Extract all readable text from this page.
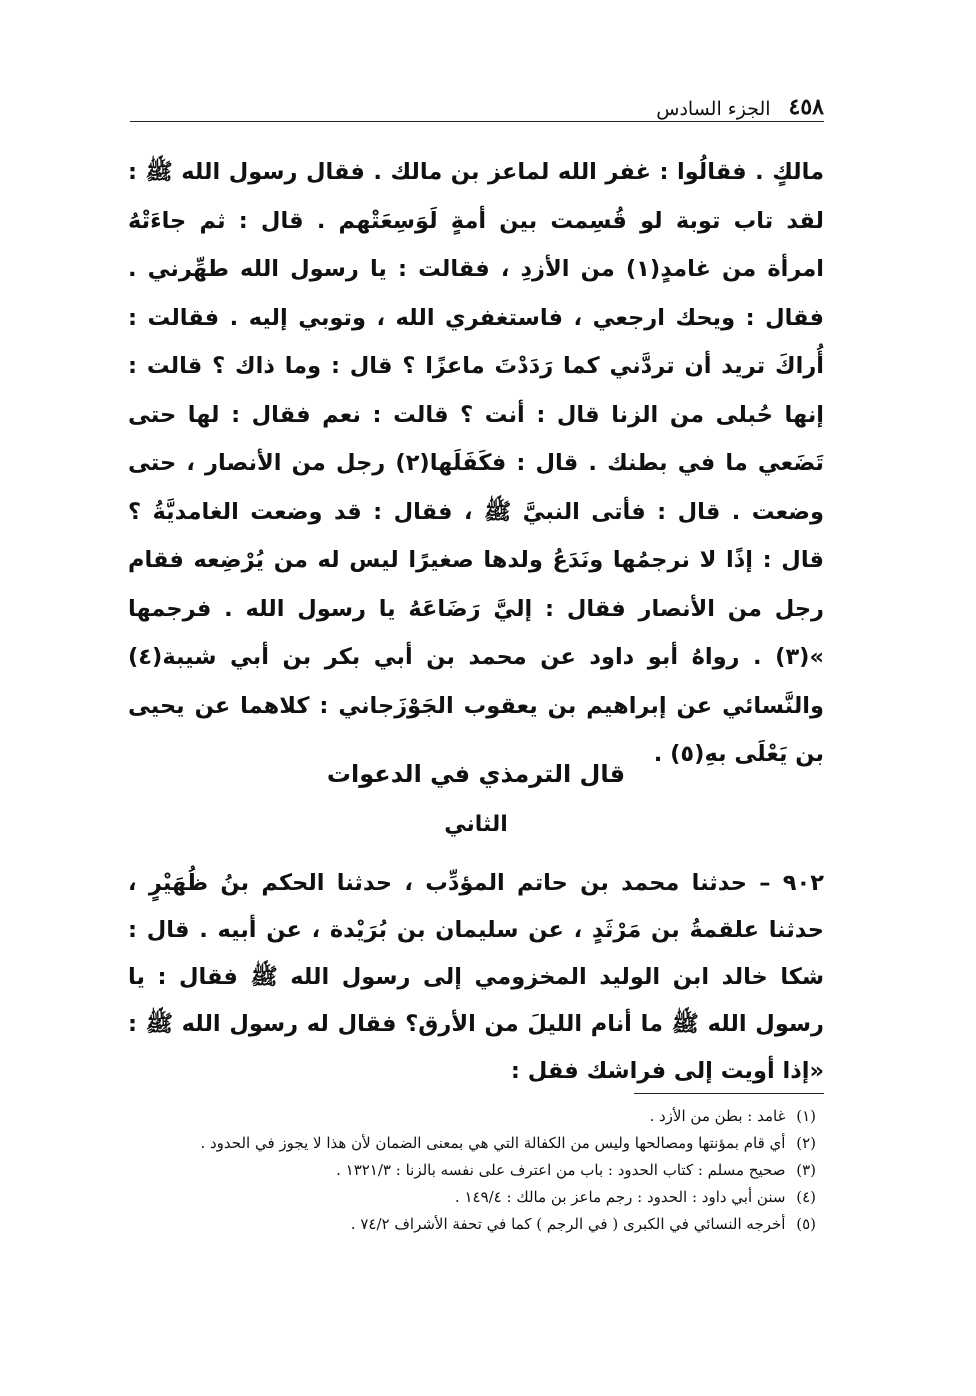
٤٥٨
الجزء السادس

مالكٍ . فقالُوا : غفر الله لماعز بن مالك . فقال رسول الله ﷺ : لقد تاب توبة لو قُسِمت بين أمةٍ لَوَسِعَتْهم . قال : ثم جاءَتْهُ امرأة من غامدٍ(١) من الأزدِ ، فقالت : يا رسول الله طهِّرني . فقال : ويحك ارجعي ، فاستغفري الله ، وتوبي إليه . فقالت : أُراكَ تريد أن تردَّني كما رَدَدْتَ ماعزًا ؟ قال : وما ذاك ؟ قالت : إنها حُبلى من الزنا قال : أنت ؟ قالت : نعم فقال : لها حتى تَضَعي ما في بطنك . قال : فكَفَلَها(٢) رجل من الأنصار ، حتى وضعت . قال : فأتى النبيَّ ﷺ ، فقال : قد وضعت الغامديَّةُ ؟ قال : إذًا لا نرجمُها ونَدَعُ ولدها صغيرًا ليس له من يُرْضِعه فقام رجل من الأنصار فقال : إليَّ رَضَاعَهُ يا رسول الله . فرجمها »(٣) . رواهُ أبو داود عن محمد بن أبي بكر بن أبي شيبة(٤) والنَّسائي عن إبراهيم بن يعقوب الجَوْزَجاني : كلاهما عن يحيى بن يَعْلَى بهِ(٥) .

قال الترمذي في الدعوات
الثاني

٩٠٢ – حدثنا محمد بن حاتم المؤدِّب ، حدثنا الحكم بنُ ظُهَيْرٍ ، حدثنا علقمةُ بن مَرْثَدٍ ، عن سليمان بن بُرَيْدة ، عن أبيه . قال : شكا خالد ابن الوليد المخزومي إلى رسول الله ﷺ فقال : يا رسول الله ﷺ ما أنام الليلَ من الأرق؟ فقال له رسول الله ﷺ : «إذا أويت إلى فراشك فقل :

(١) غامد : بطن من الأزد .

(٢) أي قام بمؤنتها ومصالحها وليس من الكفالة التي هي بمعنى الضمان لأن هذا لا يجوز في الحدود .

(٣) صحيح مسلم : كتاب الحدود : باب من اعترف على نفسه بالزنا : ١٣٢١/٣ .

(٤) سنن أبي داود : الحدود : رجم ماعز بن مالك : ١٤٩/٤ .

(٥) أخرجه النسائي في الكبرى ( في الرجم ) كما في تحفة الأشراف ٧٤/٢ .
